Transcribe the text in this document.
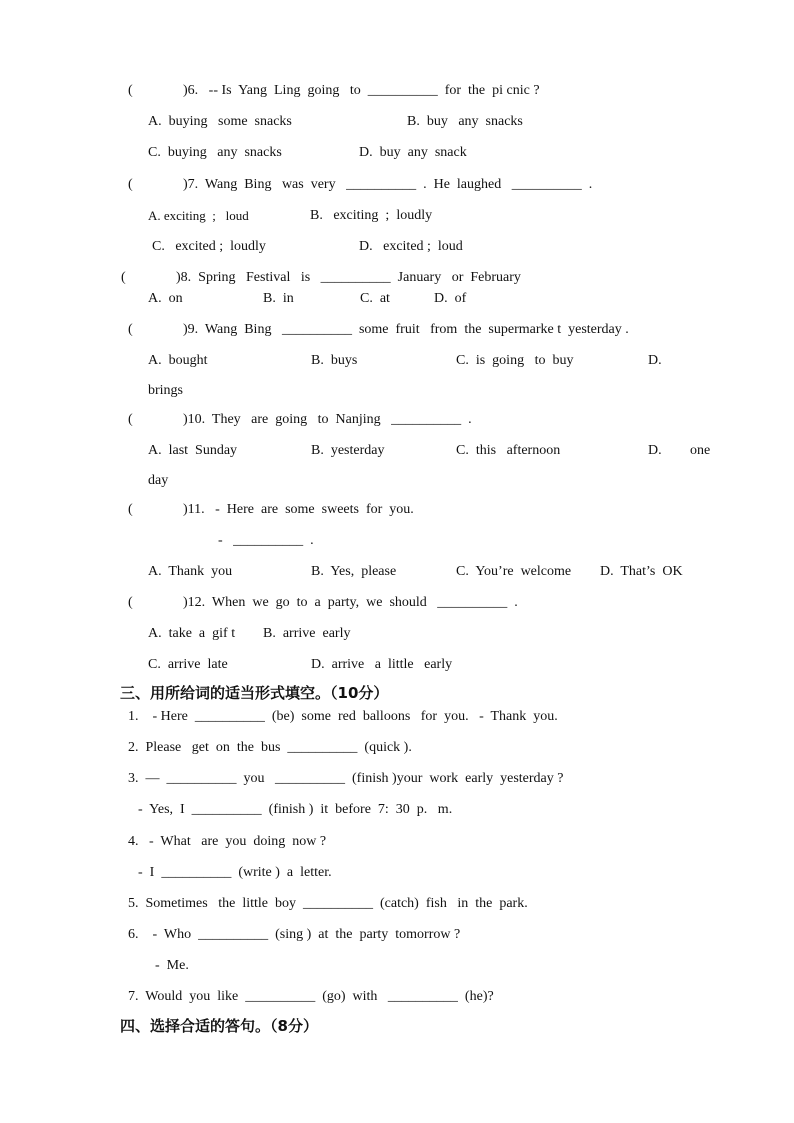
(	)6.   -- Is  Yang  Ling  going   to  __________  for  the  pi cnic ?
A.  buying   some  snacks	B.  buy   any  snacks
C.  buying   any  snacks	D.  buy  any  snack
(	)7.  Wang  Bing   was  very   __________  .  He  laughed   __________  .
A. exciting  ;   loud	B.   exciting  ;  loudly
C.   excited ;  loudly	D.   excited ;  loud
(	)8.  Spring   Festival   is   __________  January   or  February
A.  on	B.  in	C.  at	D.  of
(	)9.  Wang  Bing   __________  some  fruit   from  the  supermarke t  yesterday .
A.  bought	B.  buys	C.  is  going   to  buy	D.
brings
(	)10.  They   are  going   to  Nanjing   __________  .
A.  last  Sunday	B.  yesterday	C.  this   afternoon	D. one
day
(	)11.   -  Here  are  some  sweets  for  you.
-   __________  .
A.  Thank  you	B.  Yes,  please	C.  You’re  welcome D.  That’s  OK
(	)12.  When  we  go  to  a  party,  we  should   __________  .
A.  take  a  gif t B.  arrive  early
C.  arrive  late	D.  arrive   a  little   early
三、用所给词的适当形式填空。（10分）
1.    - Here  __________  (be)  some  red  balloons   for  you.   -  Thank  you.
2.  Please   get  on  the  bus  __________  (quick ).
3.  —  __________  you   __________  (finish )your  work  early  yesterday ?
-  Yes,  I  __________  (finish )  it  before  7:  30  p.   m.
4.   -  What   are  you  doing  now ?
-  I  __________  (write )  a  letter.
5.  Sometimes   the  little  boy  __________  (catch)  fish   in  the  park.
6.    -  Who  __________  (sing )  at  the  party  tomorrow ?
-  Me.
7.  Would  you  like  __________  (go)  with   __________  (he)?
四、选择合适的答句。（8分）
